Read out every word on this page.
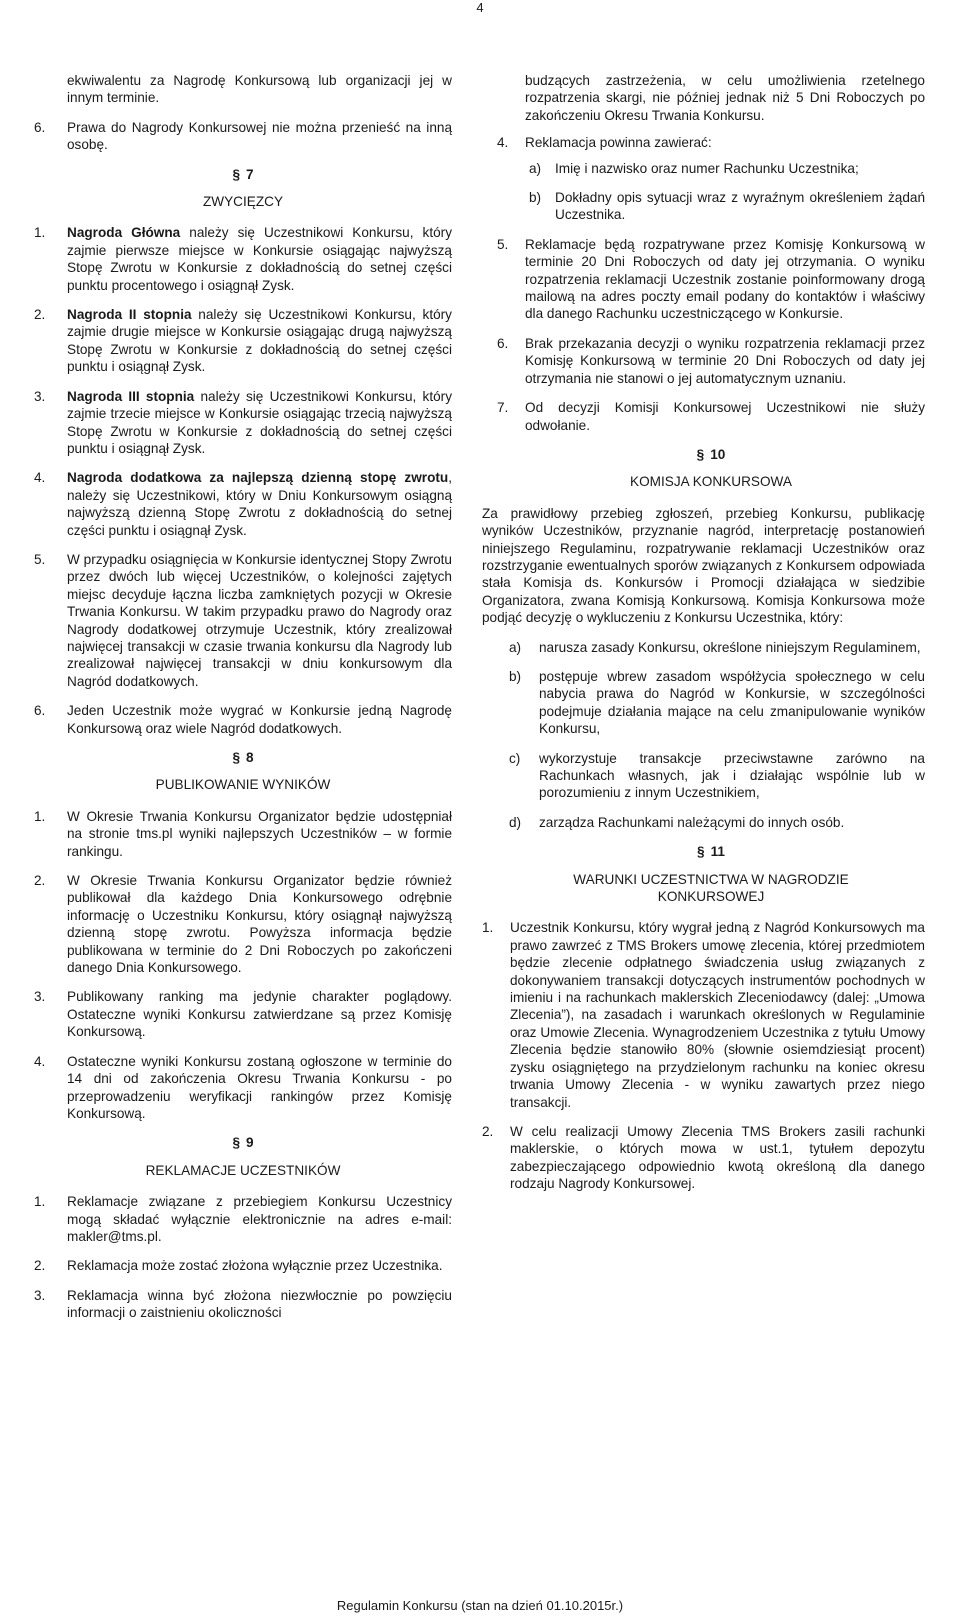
4

ekwiwalentu za Nagrodę Konkursową lub organizacji jej w innym terminie.

6. Prawa do Nagrody Konkursowej nie można przenieść na inną osobę.

§ 7
ZWYCIĘZCY

1. Nagroda Główna należy się Uczestnikowi Konkursu, który zajmie pierwsze miejsce w Konkursie osiągając najwyższą Stopę Zwrotu w Konkursie z dokładnością do setnej części punktu procentowego i osiągnął Zysk.

2. Nagroda II stopnia należy się Uczestnikowi Konkursu, który zajmie drugie miejsce w Konkursie osiągając drugą najwyższą Stopę Zwrotu w Konkursie z dokładnością do setnej części punktu i osiągnął Zysk.

3. Nagroda III stopnia należy się Uczestnikowi Konkursu, który zajmie trzecie miejsce w Konkursie osiągając trzecią najwyższą Stopę Zwrotu w Konkursie z dokładnością do setnej części punktu i osiągnął Zysk.

4. Nagroda dodatkowa za najlepszą dzienną stopę zwrotu, należy się Uczestnikowi, który w Dniu Konkursowym osiągną najwyższą dzienną Stopę Zwrotu z dokładnością do setnej części punktu i osiągnął Zysk.

5. W przypadku osiągnięcia w Konkursie identycznej Stopy Zwrotu przez dwóch lub więcej Uczestników, o kolejności zajętych miejsc decyduje łączna liczba zamkniętych pozycji w Okresie Trwania Konkursu. W takim przypadku prawo do Nagrody oraz Nagrody dodatkowej otrzymuje Uczestnik, który zrealizował najwięcej transakcji w czasie trwania konkursu dla Nagrody lub zrealizował najwięcej transakcji w dniu konkursowym dla Nagród dodatkowych.

6. Jeden Uczestnik może wygrać w Konkursie jedną Nagrodę Konkursową oraz wiele Nagród dodatkowych.

§ 8
PUBLIKOWANIE WYNIKÓW

1. W Okresie Trwania Konkursu Organizator będzie udostępniał na stronie tms.pl wyniki najlepszych Uczestników – w formie rankingu.

2. W Okresie Trwania Konkursu Organizator będzie również publikował dla każdego Dnia Konkursowego odrębnie informację o Uczestniku Konkursu, który osiągnął najwyższą dzienną stopę zwrotu. Powyższa informacja będzie publikowana w terminie do 2 Dni Roboczych po zakończeni danego Dnia Konkursowego.

3. Publikowany ranking ma jedynie charakter poglądowy. Ostateczne wyniki Konkursu zatwierdzane są przez Komisję Konkursową.

4. Ostateczne wyniki Konkursu zostaną ogłoszone w terminie do 14 dni od zakończenia Okresu Trwania Konkursu - po przeprowadzeniu weryfikacji rankingów przez Komisję Konkursową.

§ 9
REKLAMACJE UCZESTNIKÓW

1. Reklamacje związane z przebiegiem Konkursu Uczestnicy mogą składać wyłącznie elektronicznie na adres e-mail: makler@tms.pl.

2. Reklamacja może zostać złożona wyłącznie przez Uczestnika.

3. Reklamacja winna być złożona niezwłocznie po powzięciu informacji o zaistnieniu okoliczności

budzących zastrzeżenia, w celu umożliwienia rzetelnego rozpatrzenia skargi, nie później jednak niż 5 Dni Roboczych po zakończeniu Okresu Trwania Konkursu.

4. Reklamacja powinna zawierać:

a) Imię i nazwisko oraz numer Rachunku Uczestnika;

b) Dokładny opis sytuacji wraz z wyraźnym określeniem żądań Uczestnika.

5. Reklamacje będą rozpatrywane przez Komisję Konkursową w terminie 20 Dni Roboczych od daty jej otrzymania. O wyniku rozpatrzenia reklamacji Uczestnik zostanie poinformowany drogą mailową na adres poczty email podany do kontaktów i właściwy dla danego Rachunku uczestniczącego w Konkursie.

6. Brak przekazania decyzji o wyniku rozpatrzenia reklamacji przez Komisję Konkursową w terminie 20 Dni Roboczych od daty jej otrzymania nie stanowi o jej automatycznym uznaniu.

7. Od decyzji Komisji Konkursowej Uczestnikowi nie służy odwołanie.

§ 10
KOMISJA KONKURSOWA

Za prawidłowy przebieg zgłoszeń, przebieg Konkursu, publikację wyników Uczestników, przyznanie nagród, interpretację postanowień niniejszego Regulaminu, rozpatrywanie reklamacji Uczestników oraz rozstrzyganie ewentualnych sporów związanych z Konkursem odpowiada stała Komisja ds. Konkursów i Promocji działająca w siedzibie Organizatora, zwana Komisją Konkursową. Komisja Konkursowa może podjąć decyzję o wykluczeniu z Konkursu Uczestnika, który:

a) narusza zasady Konkursu, określone niniejszym Regulaminem,

b) postępuje wbrew zasadom współżycia społecznego w celu nabycia prawa do Nagród w Konkursie, w szczególności podejmuje działania mające na celu zmanipulowanie wyników Konkursu,

c) wykorzystuje transakcje przeciwstawne zarówno na Rachunkach własnych, jak i działając wspólnie lub w porozumieniu z innym Uczestnikiem,

d) zarządza Rachunkami należącymi do innych osób.

§ 11
WARUNKI UCZESTNICTWA W NAGRODZIE KONKURSOWEJ

1. Uczestnik Konkursu, który wygrał jedną z Nagród Konkursowych ma prawo zawrzeć z TMS Brokers umowę zlecenia, której przedmiotem będzie zlecenie odpłatnego świadczenia usług związanych z dokonywaniem transakcji dotyczących instrumentów pochodnych w imieniu i na rachunkach maklerskich Zleceniodawcy (dalej: „Umowa Zlecenia”), na zasadach i warunkach określonych w Regulaminie oraz Umowie Zlecenia. Wynagrodzeniem Uczestnika z tytułu Umowy Zlecenia będzie stanowiło 80% (słownie osiemdziesiąt procent) zysku osiągniętego na przydzielonym rachunku na koniec okresu trwania Umowy Zlecenia - w wyniku zawartych przez niego transakcji.

2. W celu realizacji Umowy Zlecenia TMS Brokers zasili rachunki maklerskie, o których mowa w ust.1, tytułem depozytu zabezpieczającego odpowiednio kwotą określoną dla danego rodzaju Nagrody Konkursowej.

Regulamin Konkursu (stan na dzień 01.10.2015r.)
